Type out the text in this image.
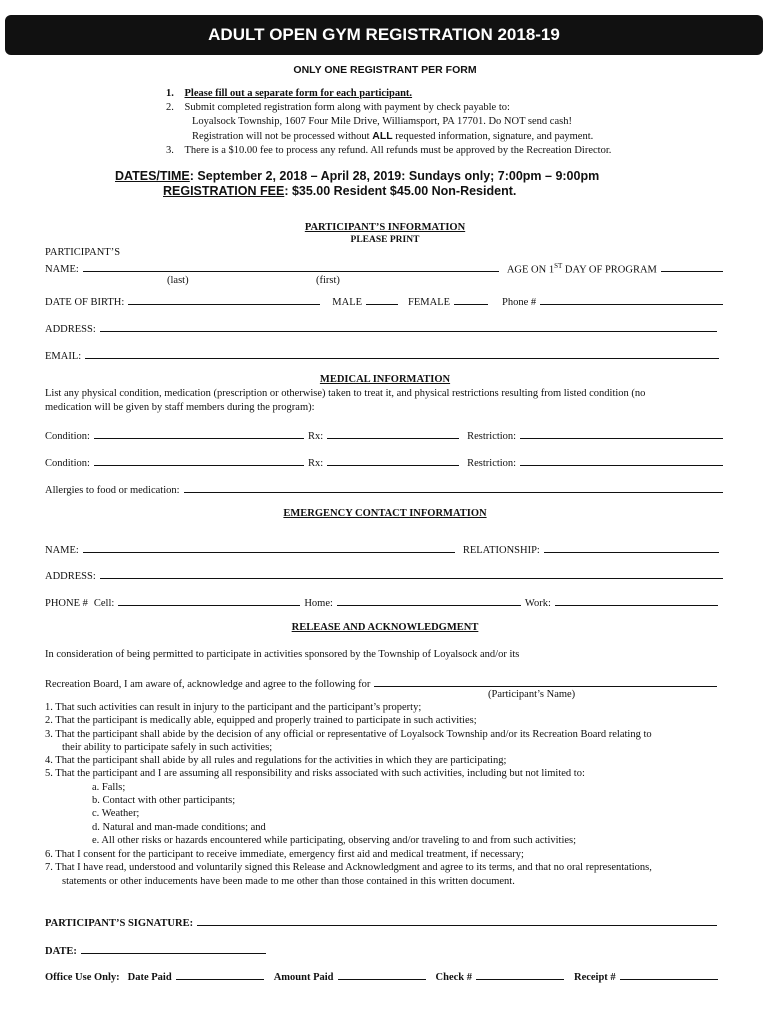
ADULT OPEN GYM REGISTRATION 2018-19
ONLY ONE REGISTRANT PER FORM
1. Please fill out a separate form for each participant.
2. Submit completed registration form along with payment by check payable to:
Loyalsock Township, 1607 Four Mile Drive, Williamsport, PA 17701. Do NOT send cash!
Registration will not be processed without ALL requested information, signature, and payment.
3. There is a $10.00 fee to process any refund. All refunds must be approved by the Recreation Director.
DATES/TIME: September 2, 2018 – April 28, 2019: Sundays only; 7:00pm – 9:00pm
REGISTRATION FEE: $35.00 Resident $45.00 Non-Resident.
PARTICIPANT’S INFORMATION
PLEASE PRINT
PARTICIPANT’S
NAME:	AGE ON 1ST DAY OF PROGRAM
(last)	(first)
DATE OF BIRTH:	MALE	FEMALE	Phone #
ADDRESS:
EMAIL:
MEDICAL INFORMATION
List any physical condition, medication (prescription or otherwise) taken to treat it, and physical restrictions resulting from listed condition (no
medication will be given by staff members during the program):
Condition:	Rx:	Restriction:
Condition:	Rx:	Restriction:
Allergies to food or medication:
EMERGENCY CONTACT INFORMATION
NAME:	RELATIONSHIP:
ADDRESS:
PHONE # Cell:	Home:	Work:
RELEASE AND ACKNOWLEDGMENT
In consideration of being permitted to participate in activities sponsored by the Township of Loyalsock and/or its
Recreation Board, I am aware of, acknowledge and agree to the following for
(Participant’s Name)
1. That such activities can result in injury to the participant and the participant’s property;
2. That the participant is medically able, equipped and properly trained to participate in such activities;
3. That the participant shall abide by the decision of any official or representative of Loyalsock Township and/or its Recreation Board relating to
their ability to participate safely in such activities;
4. That the participant shall abide by all rules and regulations for the activities in which they are participating;
5. That the participant and I are assuming all responsibility and risks associated with such activities, including but not limited to:
a. Falls;
b. Contact with other participants;
c. Weather;
d. Natural and man-made conditions; and
e. All other risks or hazards encountered while participating, observing and/or traveling to and from such activities;
6. That I consent for the participant to receive immediate, emergency first aid and medical treatment, if necessary;
7. That I have read, understood and voluntarily signed this Release and Acknowledgment and agree to its terms, and that no oral representations,
statements or other inducements have been made to me other than those contained in this written document.
PARTICIPANT’S SIGNATURE:
DATE:
Office Use Only: Date Paid	Amount Paid	Check #	Receipt #
